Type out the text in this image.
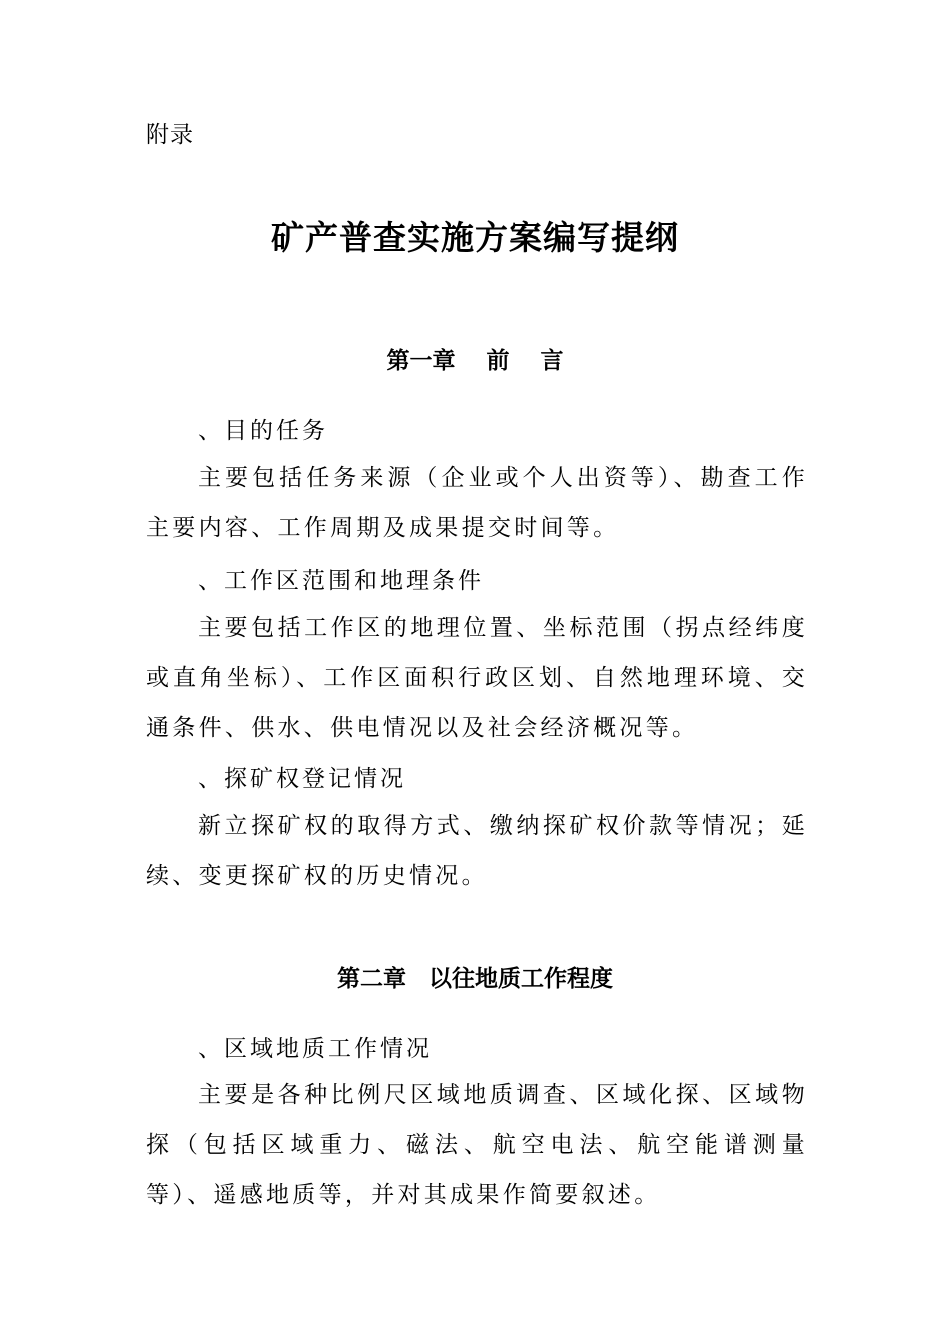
附录
矿产普查实施方案编写提纲
第一章　 前　 言
、目的任务
主要包括任务来源（企业或个人出资等）、勘查工作主要内容、工作周期及成果提交时间等。
、工作区范围和地理条件
主要包括工作区的地理位置、坐标范围（拐点经纬度或直角坐标）、工作区面积行政区划、自然地理环境、交通条件、供水、供电情况以及社会经济概况等。
、探矿权登记情况
新立探矿权的取得方式、缴纳探矿权价款等情况；延续、变更探矿权的历史情况。
第二章　以往地质工作程度
、区域地质工作情况
主要是各种比例尺区域地质调查、区域化探、区域物探（包括区域重力、磁法、航空电法、航空能谱测量等）、遥感地质等，并对其成果作简要叙述。
